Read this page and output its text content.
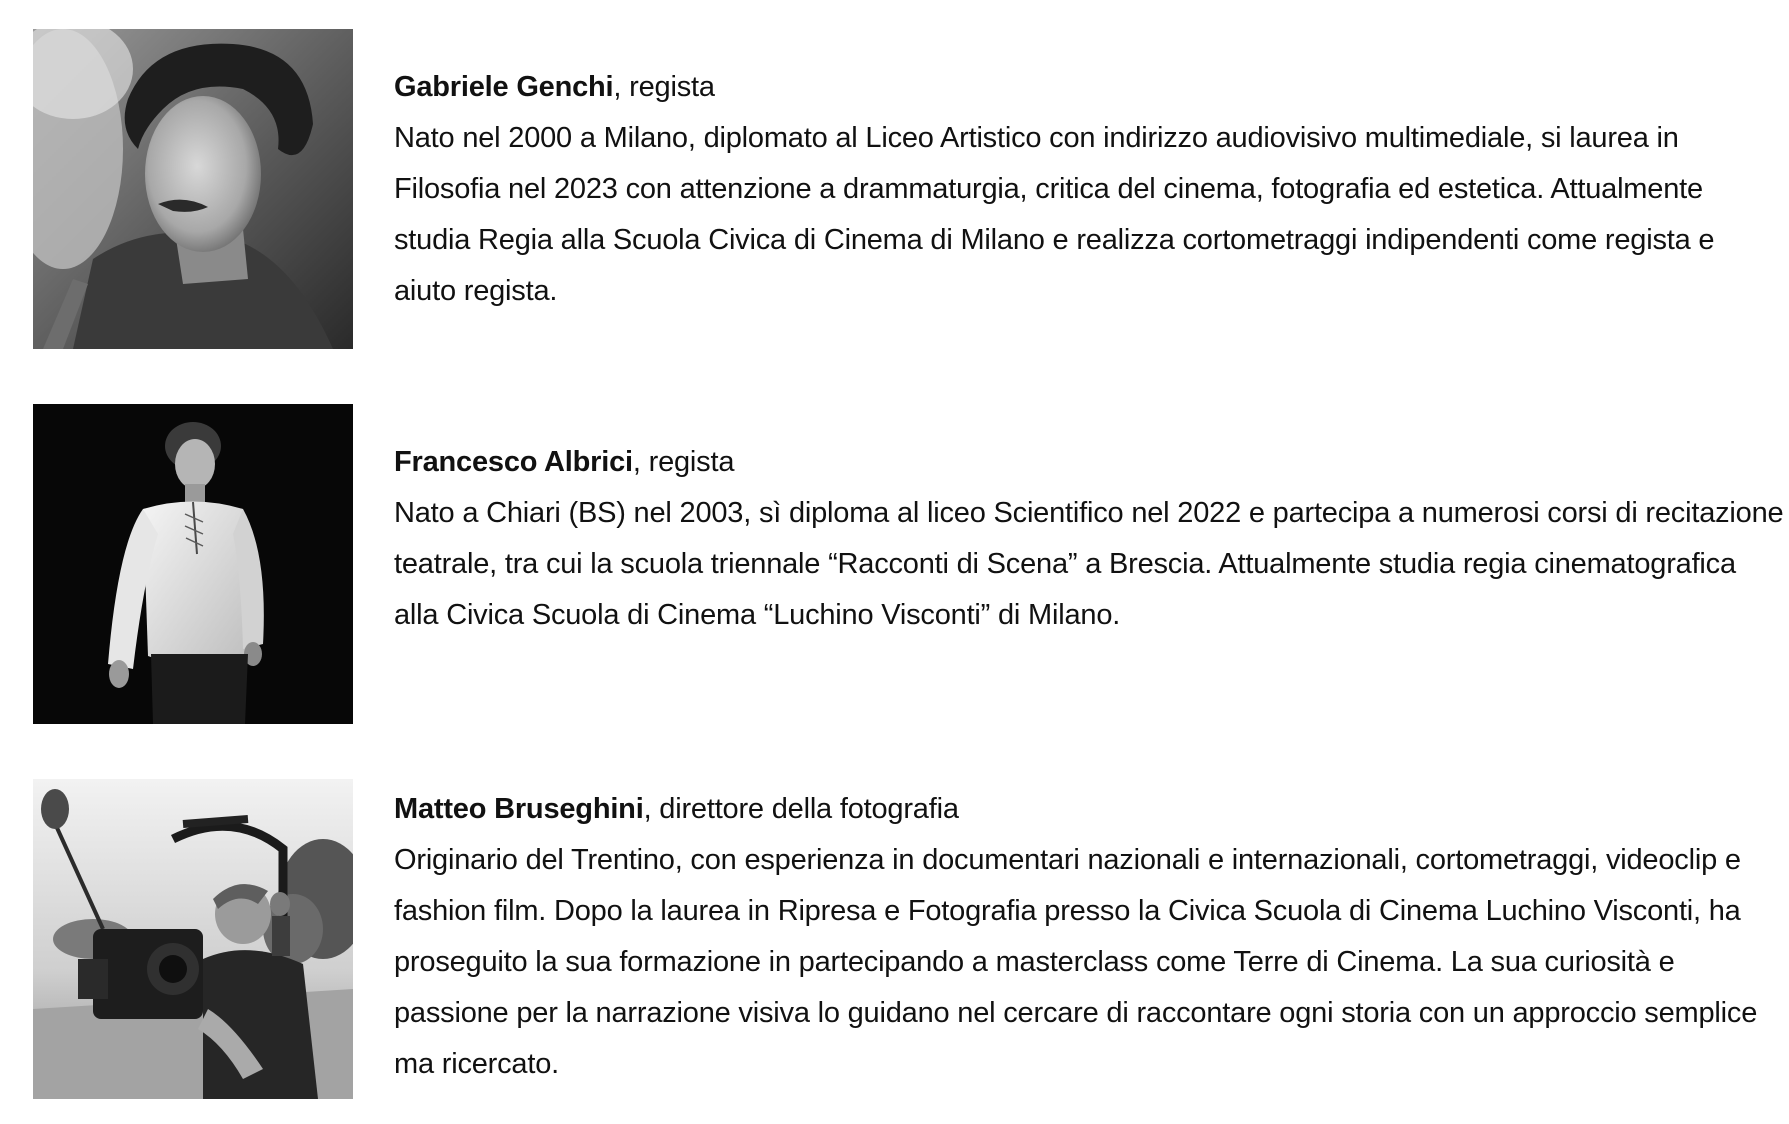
Gabriele Genchi, regista
Nato nel 2000 a Milano, diplomato al Liceo Artistico con indirizzo audiovisivo multimediale, si laurea in Filosofia nel 2023 con attenzione a drammaturgia, critica del cinema, fotografia ed estetica. Attualmente studia Regia alla Scuola Civica di Cinema di Milano e realizza cortometraggi indipendenti come regista e aiuto regista.
Francesco Albrici, regista
Nato a Chiari (BS) nel 2003, sì diploma al liceo Scientifico nel 2022 e partecipa a numerosi corsi di recitazione teatrale, tra cui la scuola triennale “Racconti di Scena” a Brescia. Attualmente studia regia cinematografica alla Civica Scuola di Cinema “Luchino Visconti” di Milano.
Matteo Bruseghini, direttore della fotografia
Originario del Trentino, con esperienza in documentari nazionali e internazionali, cortometraggi, videoclip e fashion film. Dopo la laurea in Ripresa e Fotografia presso la Civica Scuola di Cinema Luchino Visconti, ha proseguito la sua formazione in partecipando a masterclass come Terre di Cinema. La sua curiosità e passione per la narrazione visiva lo guidano nel cercare di raccontare ogni storia con un approccio semplice ma ricercato.
